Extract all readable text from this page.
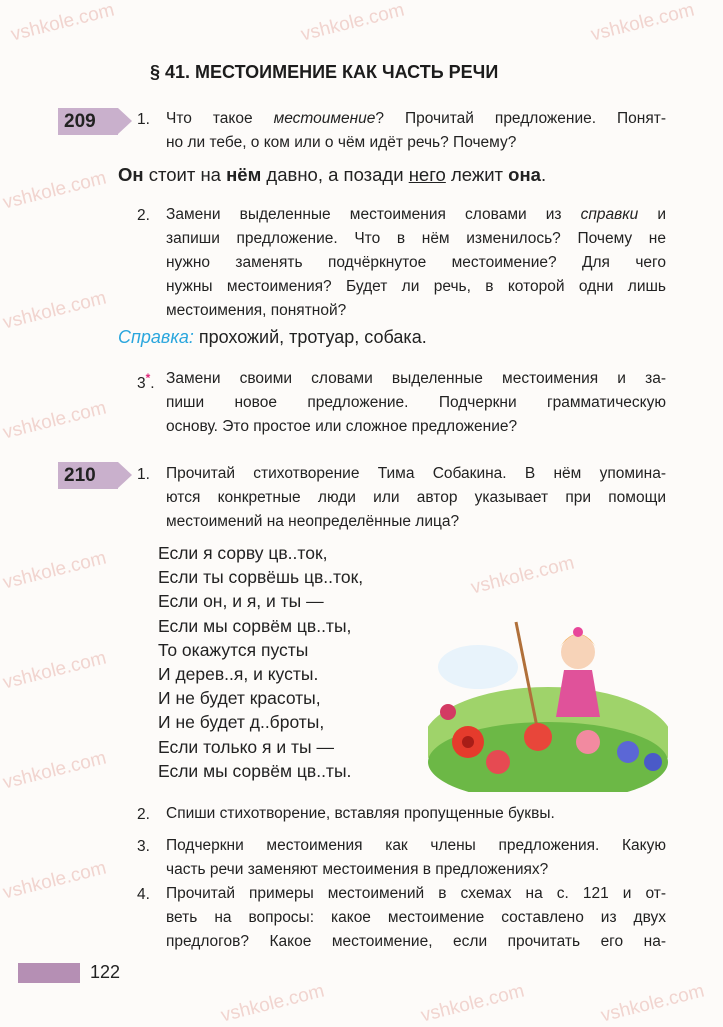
vshkole.com	vshkole.com	vshkole.com
vshkole.com
vshkole.com
vshkole.com
vshkole.com
vshkole.com
vshkole.com
vshkole.com
vshkole.com
vshkole.com	vshkole.com	vshkole.com
§ 41. МЕСТОИМЕНИЕ КАК ЧАСТЬ РЕЧИ
209	1. Что такое местоимение? Прочитай предложение. Понят-
но ли тебе, о ком или о чём идёт речь? Почему?
Он стоит на нём давно, а позади него лежит она.
2. Замени выделенные местоимения словами из справки и
запиши предложение. Что в нём изменилось? Почему не
нужно заменять подчёркнутое местоимение? Для чего
нужны местоимения? Будет ли речь, в которой одни лишь
местоимения, понятной?
Справка: прохожий, тротуар, собака.
3*. Замени своими словами выделенные местоимения и за-
пиши новое предложение. Подчеркни грамматическую
основу. Это простое или сложное предложение?
210	1. Прочитай стихотворение Тима Собакина. В нём упомина-
ются конкретные люди или автор указывает при помощи
местоимений на неопределённые лица?
Если я сорву цв..ток,
Если ты сорвёшь цв..ток,
Если он, и я, и ты —
Если мы сорвём цв..ты,
То окажутся пусты
И дерев..я, и кусты.
И не будет красоты,
И не будет д..броты,
Если только я и ты —
Если мы сорвём цв..ты.
2. Спиши стихотворение, вставляя пропущенные буквы.
3. Подчеркни местоимения как члены предложения. Какую
часть речи заменяют местоимения в предложениях?
4. Прочитай примеры местоимений в схемах на с. 121 и от-
веть на вопросы: какое местоимение составлено из двух
предлогов? Какое местоимение, если прочитать его на-
122
